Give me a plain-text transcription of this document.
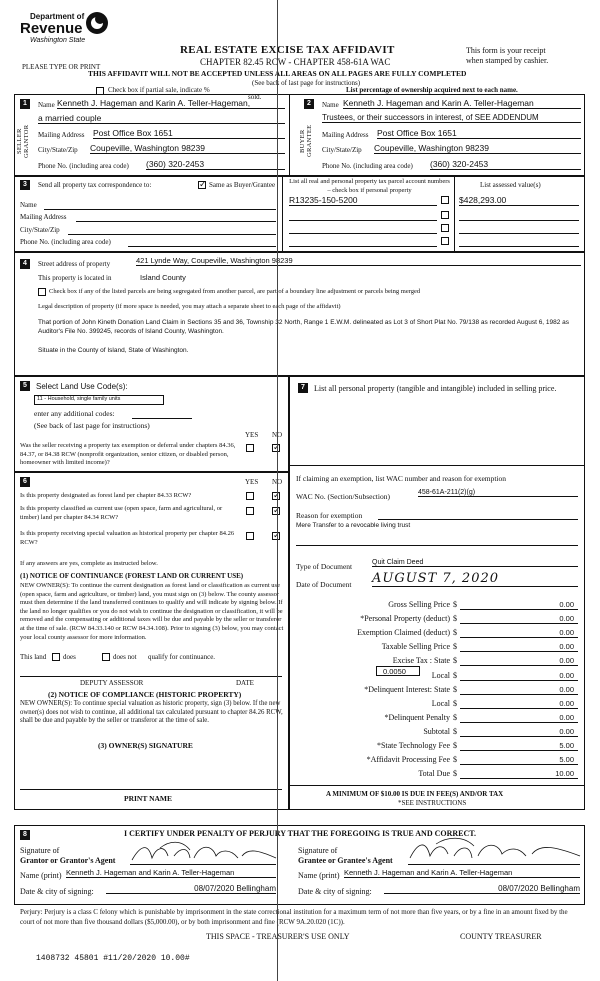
Department of
Revenue
Washington State
PLEASE TYPE OR PRINT
REAL ESTATE EXCISE TAX AFFIDAVIT
CHAPTER 82.45 RCW - CHAPTER 458-61A WAC
THIS AFFIDAVIT WILL NOT BE ACCEPTED UNLESS ALL AREAS ON ALL PAGES ARE FULLY COMPLETED
This form is your receipt
when stamped by cashier.
(See back of last page for instructions)
Check box if partial sale, indicate %
sold.
List percentage of ownership acquired next to each name.
1
SELLER GRANTOR
Name Kenneth J. Hageman and Karin A. Teller-Hageman,
a married couple
Mailing Address Post Office Box 1651
City/State/Zip Coupeville, Washington 98239
Phone No. (including area code) (360) 320-2453
2
BUYER GRANTEE
Name Kenneth J. Hageman and Karin A. Teller-Hageman
Trustees, or their successors in interest, of SEE ADDENDUM
Mailing Address Post Office Box 1651
City/State/Zip Coupeville, Washington 98239
Phone No. (including area code) (360) 320-2453
3	Send all property tax correspondence to:
✓	Same as Buyer/Grantee
Name
Mailing Address
City/State/Zip
Phone No. (including area code)
List all real and personal property tax parcel account numbers – check box if personal property
List assessed value(s)
R13235-150-5200	$428,293.00
4	Street address of property	421 Lynde Way, Coupeville, Washington 98239
This property is located in	Island County
Check box if any of the listed parcels are being segregated from another parcel, are part of a boundary line adjustment or parcels being merged
Legal description of property (if more space is needed, you may attach a separate sheet to each page of the affidavit)
That portion of John Kineth Donation Land Claim in Sections 35 and 36, Township 32 North, Range 1 E.W.M. delineated as Lot 3 of Short Plat No. 79/138 as recorded August 6, 1982 as Auditor's File No. 399245, records of Island County, Washington.
Situate in the County of Island, State of Washington.
5	Select Land Use Code(s):
11 - Household, single family units
enter any additional codes:
(See back of last page for instructions)
YES NO
Was the seller receiving a property tax exemption or deferral under chapters 84.36, 84.37, or 84.38 RCW (nonprofit organization, senior citizen, or disabled person, homeowner with limited income)?
✓
7	List all personal property (tangible and intangible) included in selling price.
6	YES NO
Is this property designated as forest land per chapter 84.33 RCW?
✓
Is this property classified as current use (open space, farm and agricultural, or timber) land per chapter 84.34 RCW?
✓
Is this property receiving special valuation as historical property per chapter 84.26 RCW?
✓
If any answers are yes, complete as instructed below.
(1) NOTICE OF CONTINUANCE (FOREST LAND OR CURRENT USE)
NEW OWNER(S): To continue the current designation as forest land or classification as current use (open space, farm and agriculture, or timber) land, you must sign on (3) below. The county assessor must then determine if the land transferred continues to qualify and will indicate by signing below. If the land no longer qualifies or you do not wish to continue the designation or classification, it will be removed and the compensating or additional taxes will be due and payable by the seller or transferor at the time of sale. (RCW 84.33.140 or RCW 84.34.108). Prior to signing (3) below, you may contact your local county assessor for more information.
This land does	does not qualify for continuance.
DEPUTY ASSESSOR	DATE
(2) NOTICE OF COMPLIANCE (HISTORIC PROPERTY)
NEW OWNER(S): To continue special valuation as historic property, sign (3) below. If the new owner(s) does not wish to continue, all additional tax calculated pursuant to chapter 84.26 RCW, shall be due and payable by the seller or transferor at the time of sale.
(3) OWNER(S) SIGNATURE
PRINT NAME
If claiming an exemption, list WAC number and reason for exemption
WAC No. (Section/Subsection)	458-61A-211(2)(g)
Reason for exemption
Mere Transfer to a revocable living trust
Type of Document	Quit Claim Deed
Date of Document AUGUST 7, 2020
Gross Selling Price $	0.00
*Personal Property (deduct) $	0.00
Exemption Claimed (deduct) $	0.00
Taxable Selling Price $	0.00
Excise Tax : State $	0.00
Local $	0.00
*Delinquent Interest: State $	0.00
Local $	0.00
*Delinquent Penalty $	0.00
Subtotal $	0.00
*State Technology Fee $	5.00
*Affidavit Processing Fee $	5.00
Total Due $	10.00
0.0050
A MINIMUM OF $10.00 IS DUE IN FEE(S) AND/OR TAX
*SEE INSTRUCTIONS
8	I CERTIFY UNDER PENALTY OF PERJURY THAT THE FOREGOING IS TRUE AND CORRECT.
Signature of
Grantor or Grantor's Agent
Name (print) Kenneth J. Hageman and Karin A. Teller-Hageman
Date & city of signing:	08/07/2020 Bellingham
Signature of
Grantee or Grantee's Agent
Name (print) Kenneth J. Hageman and Karin A. Teller-Hageman
Date & city of signing:	08/07/2020 Bellingham
Perjury: Perjury is a class C felony which is punishable by imprisonment in the state correctional institution for a maximum term of not more than five years, or by a fine in an amount fixed by the court of not more than five thousand dollars ($5,000.00), or by both imprisonment and fine (RCW 9A.20.020 (1C)).
THIS SPACE - TREASURER'S USE ONLY	COUNTY TREASURER
1408732 45801 #11/20/2020 10.00#
